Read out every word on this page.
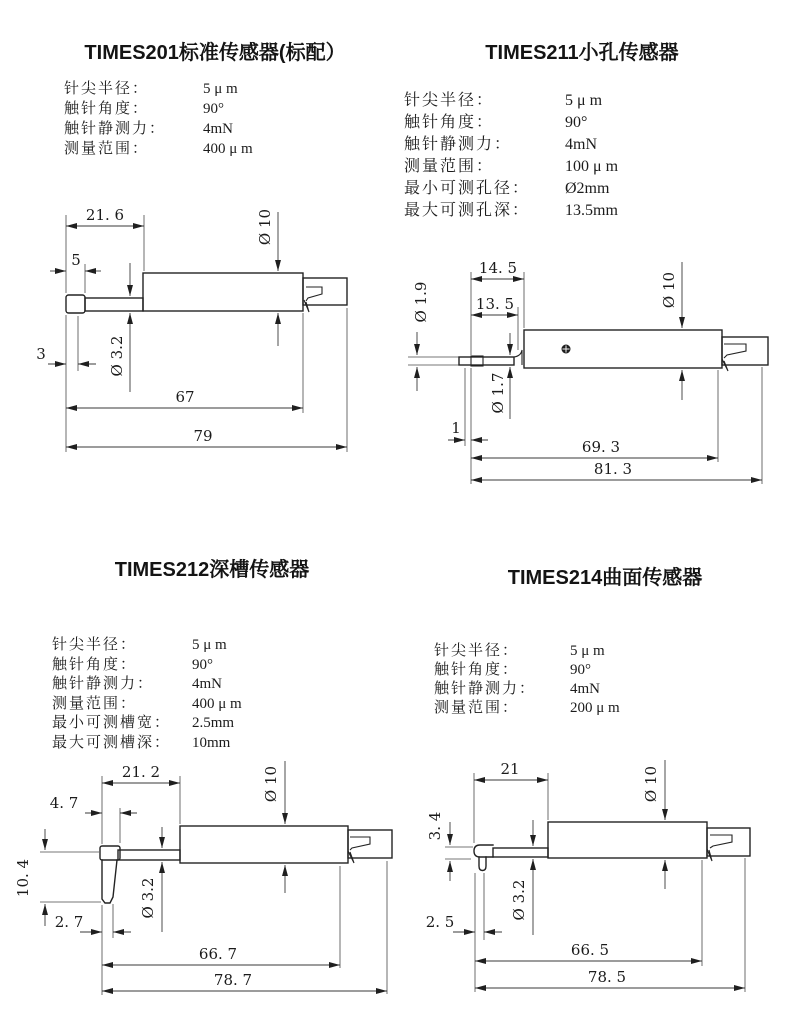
TIMES201标准传感器(标配）
针尖半径：	5 μ m
触针角度：	90°
触针静测力：	4mN
测量范围：	400 μ m
21. 6
5
3	Ø 3.2
Ø 10
67
79
TIMES211小孔传感器
针尖半径：	5 μ m
触针角度：	90°
触针静测力：	4mN
测量范围：	100 μ m
最小可测孔径：	Ø2mm
最大可测孔深：	13.5mm
14. 5
13. 5
Ø 1.9
Ø 1.7
Ø 10
1
69. 3
81. 3
TIMES212深槽传感器
针尖半径：	5 μ m
触针角度：	90°
触针静测力：	4mN
测量范围：	400 μ m
最小可测槽宽：	2.5mm
最大可测槽深：	10mm
21. 2
4. 7
10. 4
2. 7
Ø 3.2
Ø 10
66. 7
78. 7
TIMES214曲面传感器
针尖半径：	5 μ m
触针角度：	90°
触针静测力：	4mN
测量范围：	200 μ m
21
3. 4
2. 5
Ø 3.2
Ø 10
66. 5
78. 5
